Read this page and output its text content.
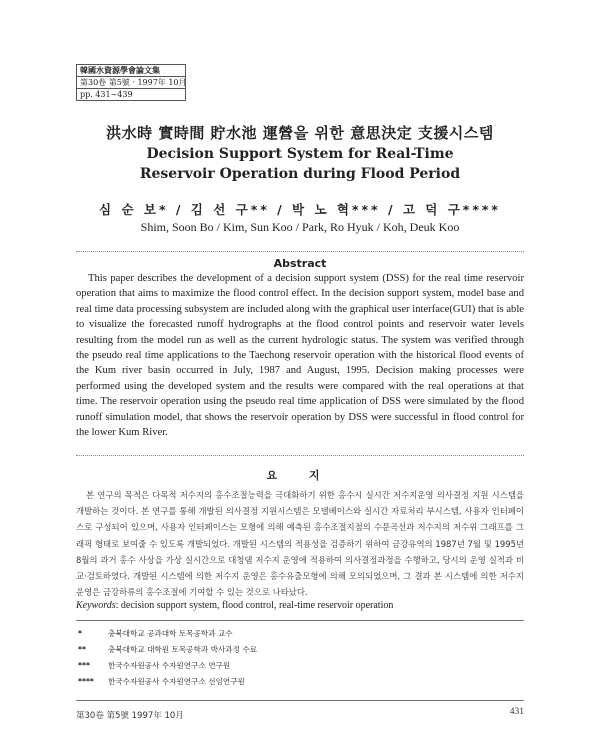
韓國水資源學會論文集
第30卷 第5號 · 1997年 10月
pp. 431∼439
洪水時 實時間 貯水池 運營을 위한 意思決定 支援시스템
Decision Support System for Real-Time
Reservoir Operation during Flood Period
심 순 보* / 김 선 구** / 박 노 혁*** / 고 덕 구****
Shim, Soon Bo / Kim, Sun Koo / Park, Ro Hyuk / Koh, Deuk Koo
Abstract

This paper describes the development of a decision support system (DSS) for the real time reservoir operation that aims to maximize the flood control effect. In the decision support system, model base and real time data processing subsystem are included along with the graphical user interface(GUI) that is able to visualize the forecasted runoff hydrographs at the flood control points and reservoir water levels resulting from the model run as well as the current hydrologic status. The system was verified through the pseudo real time applications to the Taechong reservoir operation with the historical flood events of the Kum river basin occurred in July, 1987 and August, 1995. Decision making processes were performed using the developed system and the results were compared with the real operations at that time. The reservoir operation using the pseudo real time application of DSS were simulated by the flood runoff simulation model, that shows the reservoir operation by DSS were successful in flood control for the lower Kum River.

요 지

본 연구의 목적은 다목적 저수지의 홍수조절능력을 극대화하기 위한 홍수시 실시간 저수지운영 의사결정 지원 시스템을 개발하는 것이다. 본 연구를 통해 개발된 의사결정 지원시스템은 모델베이스와 실시간 자료처리 부시스템, 사용자 인터페이스로 구성되어 있으며, 사용자 인터페이스는 모형에 의해 예측된 홍수조절지점의 수문곡선과 저수지의 저수위 그래프를 그래픽 형태로 보여줄 수 있도록 개발되었다. 개발된 시스템의 적용성을 검증하기 위하여 금강유역의 1987년 7월 및 1995년 8월의 과거 홍수 사상을 가상 실시간으로 대청댐 저수지 운영에 적용하여 의사결정과정을 수행하고, 당시의 운영 실적과 비교·검토하였다. 개발된 시스템에 의한 저수지 운영은 홍수유출모형에 의해 모의되었으며, 그 결과 본 시스템에 의한 저수지운영은 금강하류의 홍수조절에 기여할 수 있는 것으로 나타났다.

Keywords: decision support system, flood control, real-time reservoir operation
*	충북대학교 공과대학 토목공학과 교수
**	충북대학교 대학원 토목공학과 박사과정 수료
***	한국수자원공사 수자원연구소 연구원
****	한국수자원공사 수자원연구소 선임연구원
第30卷 第5號 1997年 10月	431
